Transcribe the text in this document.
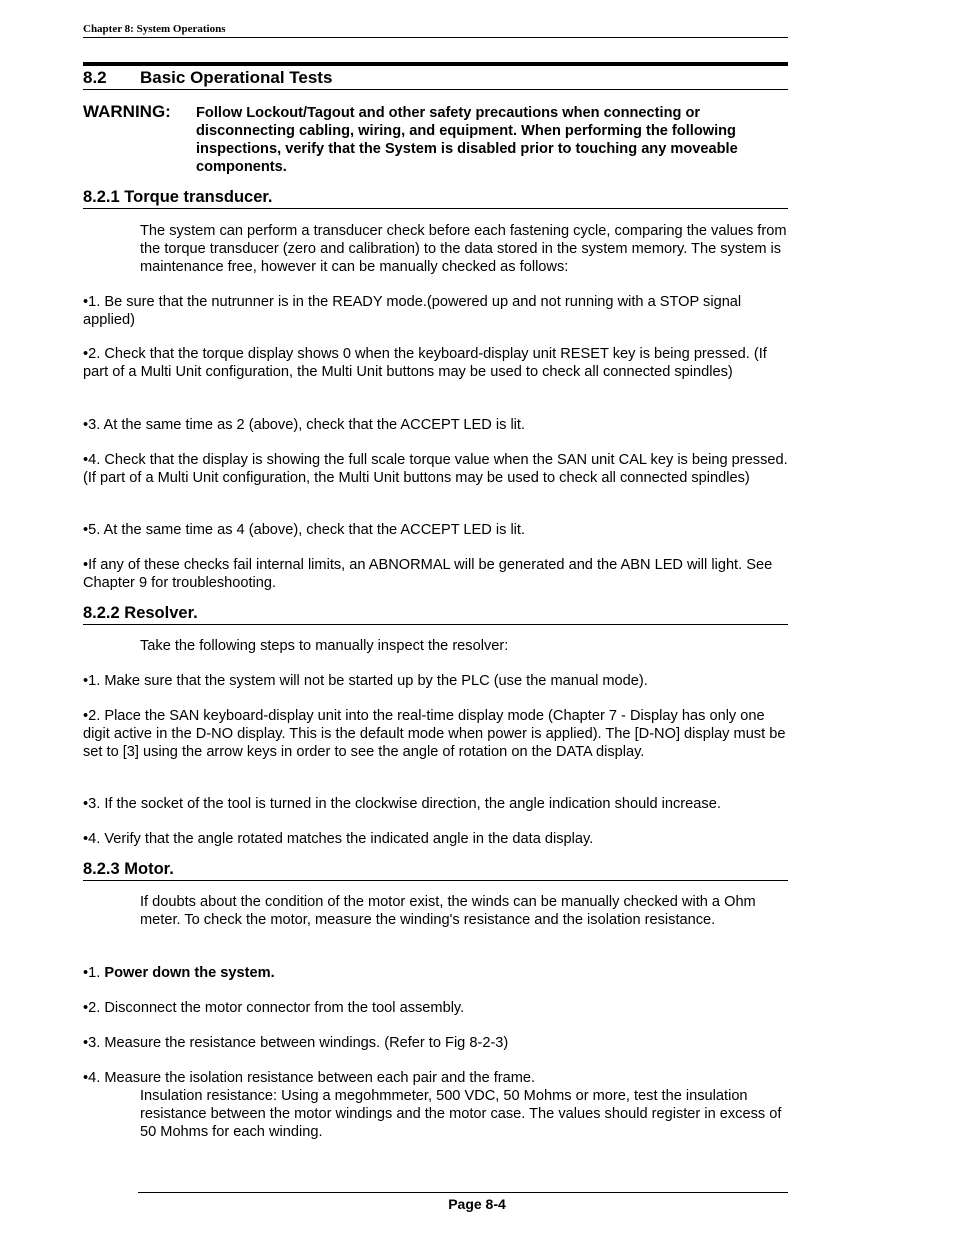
Chapter 8: System Operations
8.2 Basic Operational Tests
WARNING: Follow Lockout/Tagout and other safety precautions when connecting or disconnecting cabling, wiring, and equipment. When performing the following inspections, verify that the System is disabled prior to touching any moveable components.
8.2.1 Torque transducer.
The system can perform a transducer check before each fastening cycle, comparing the values from the torque transducer (zero and calibration) to the data stored in the system memory. The system is maintenance free, however it can be manually checked as follows:
•1. Be sure that the nutrunner is in the READY mode.(powered up and not running with a STOP signal applied)
•2. Check that the torque display shows 0 when the keyboard-display unit RESET key is being pressed. (If part of a Multi Unit configuration, the Multi Unit buttons may be used to check all connected spindles)
•3. At the same time as 2 (above), check that the ACCEPT LED is lit.
•4. Check that the display is showing the full scale torque value when the SAN unit CAL key is being pressed. (If part of a Multi Unit configuration, the Multi Unit buttons may be used to check all connected spindles)
•5. At the same time as 4 (above), check that the ACCEPT LED is lit.
•If any of these checks fail internal limits, an ABNORMAL will be generated and the ABN LED will light. See Chapter 9 for troubleshooting.
8.2.2 Resolver.
Take the following steps to manually inspect the resolver:
•1. Make sure that the system will not be started up by the PLC (use the manual mode).
•2. Place the SAN keyboard-display unit into the real-time display mode (Chapter 7 - Display has only one digit active in the D-NO display. This is the default mode when power is applied). The [D-NO] display must be set to [3] using the arrow keys in order to see the angle of rotation on the DATA display.
•3. If the socket of the tool is turned in the clockwise direction, the angle indication should increase.
•4. Verify that the angle rotated matches the indicated angle in the data display.
8.2.3 Motor.
If doubts about the condition of the motor exist, the winds can be manually checked with a Ohm meter. To check the motor, measure the winding's resistance and the isolation resistance.
•1. Power down the system.
•2. Disconnect the motor connector from the tool assembly.
•3. Measure the resistance between windings. (Refer to Fig 8-2-3)
•4. Measure the isolation resistance between each pair and the frame.
Insulation resistance: Using a megohmmeter, 500 VDC, 50 Mohms or more, test the insulation resistance between the motor windings and the motor case. The values should register in excess of 50 Mohms for each winding.
Page 8-4
